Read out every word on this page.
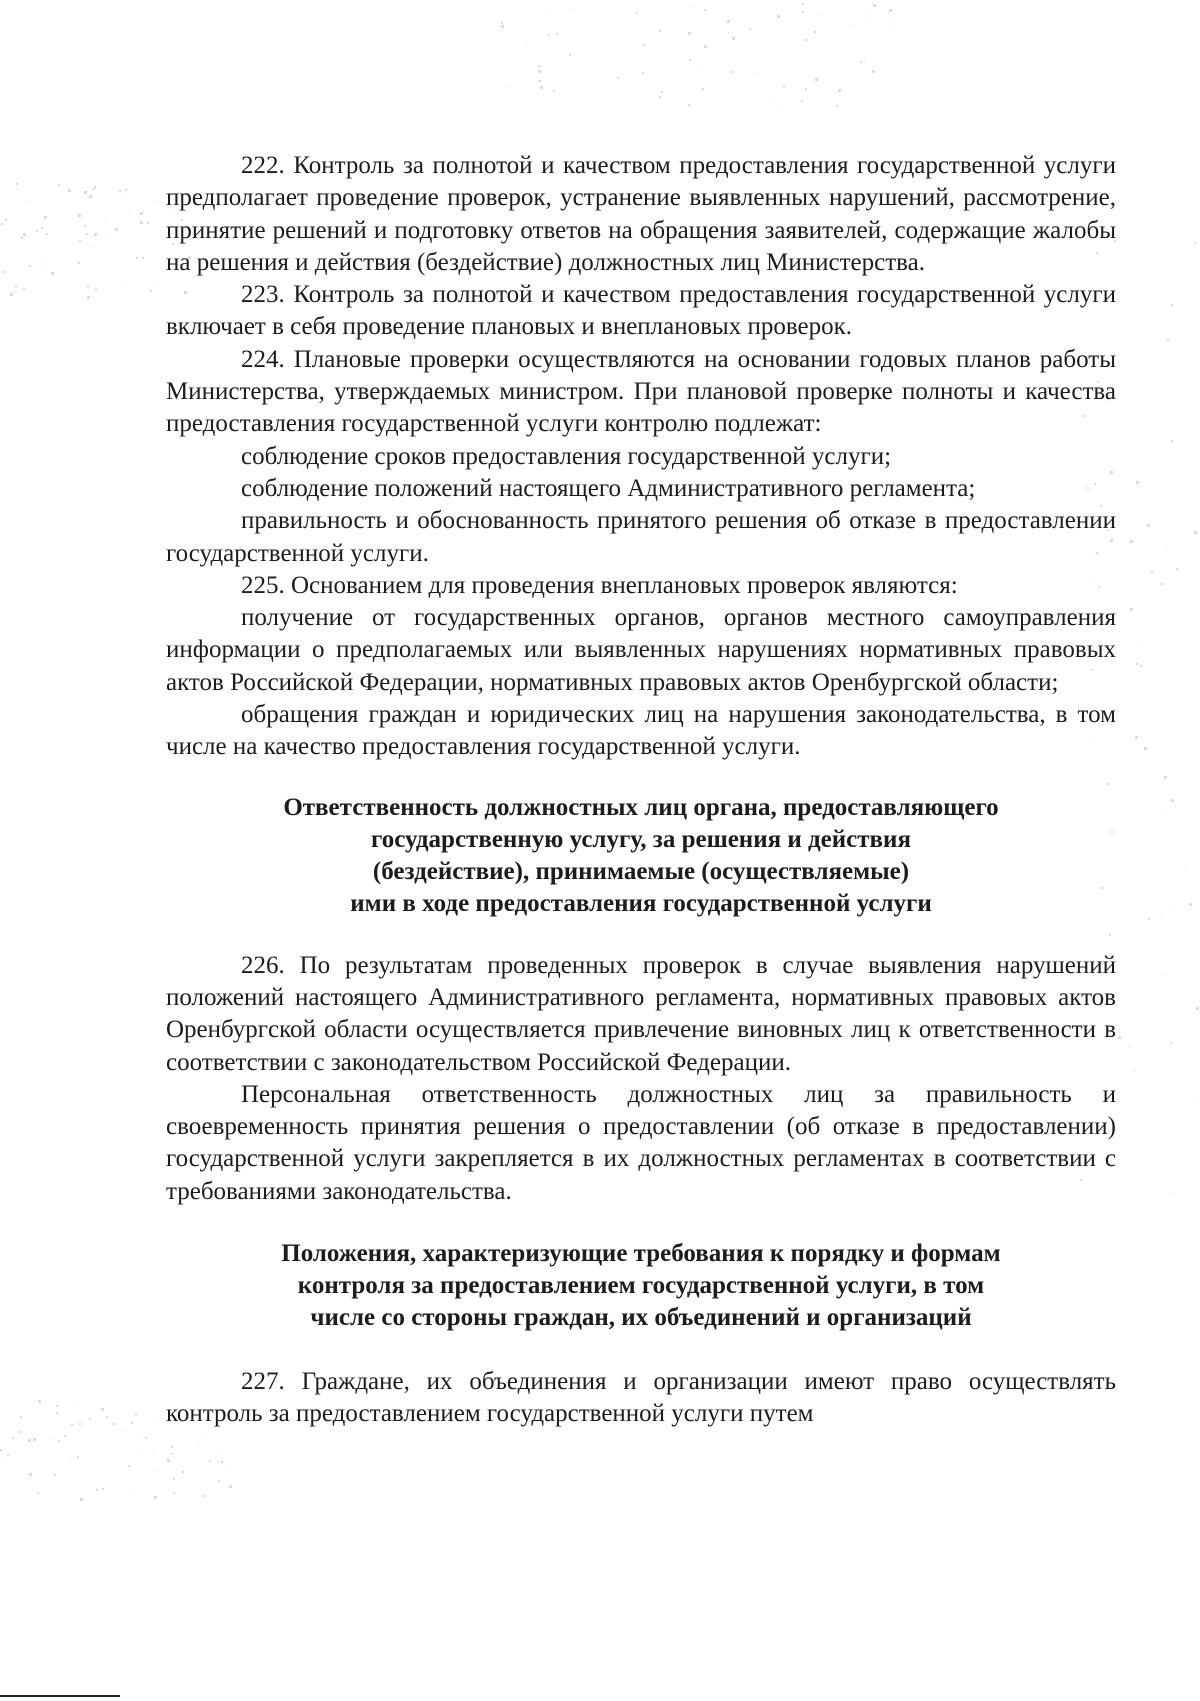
222. Контроль за полнотой и качеством предоставления государственной услуги предполагает проведение проверок, устранение выявленных нарушений, рассмотрение, принятие решений и подготовку ответов на обращения заявителей, содержащие жалобы на решения и действия (бездействие) должностных лиц Министерства.

223. Контроль за полнотой и качеством предоставления государственной услуги включает в себя проведение плановых и внеплановых проверок.

224. Плановые проверки осуществляются на основании годовых планов работы Министерства, утверждаемых министром. При плановой проверке полноты и качества предоставления государственной услуги контролю подлежат:

соблюдение сроков предоставления государственной услуги;

соблюдение положений настоящего Административного регламента;

правильность и обоснованность принятого решения об отказе в предоставлении государственной услуги.

225. Основанием для проведения внеплановых проверок являются:

получение от государственных органов, органов местного самоуправления информации о предполагаемых или выявленных нарушениях нормативных правовых актов Российской Федерации, нормативных правовых актов Оренбургской области;

обращения граждан и юридических лиц на нарушения законодательства, в том числе на качество предоставления государственной услуги.

Ответственность должностных лиц органа, предоставляющего
государственную услугу, за решения и действия
(бездействие), принимаемые (осуществляемые)
ими в ходе предоставления государственной услуги

226. По результатам проведенных проверок в случае выявления нарушений положений настоящего Административного регламента, нормативных правовых актов Оренбургской области осуществляется привлечение виновных лиц к ответственности в соответствии с законодательством Российской Федерации.

Персональная ответственность должностных лиц за правильность и своевременность принятия решения о предоставлении (об отказе в предоставлении) государственной услуги закрепляется в их должностных регламентах в соответствии с требованиями законодательства.

Положения, характеризующие требования к порядку и формам
контроля за предоставлением государственной услуги, в том
числе со стороны граждан, их объединений и организаций

227. Граждане, их объединения и организации имеют право осуществлять контроль за предоставлением государственной услуги путем
